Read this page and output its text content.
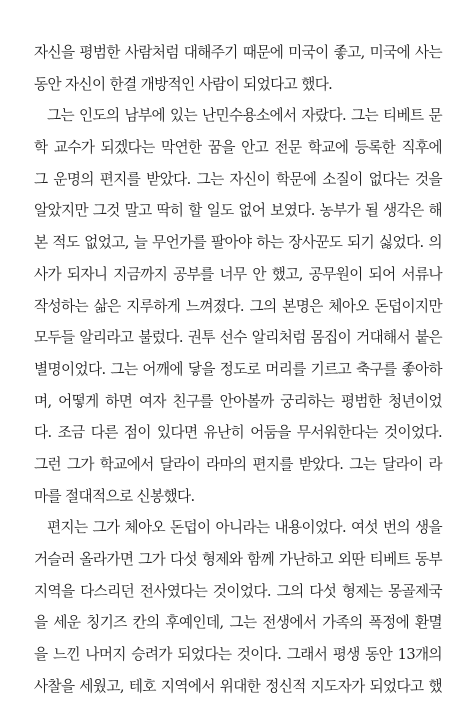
자신을 평범한 사람처럼 대해주기 때문에 미국이 좋고, 미국에 사는
동안 자신이 한결 개방적인 사람이 되었다고 했다.
그는 인도의 남부에 있는 난민수용소에서 자랐다. 그는 티베트 문
학 교수가 되겠다는 막연한 꿈을 안고 전문 학교에 등록한 직후에
그 운명의 편지를 받았다. 그는 자신이 학문에 소질이 없다는 것을
알았지만 그것 말고 딱히 할 일도 없어 보였다. 농부가 될 생각은 해
본 적도 없었고, 늘 무언가를 팔아야 하는 장사꾼도 되기 싫었다. 의
사가 되자니 지금까지 공부를 너무 안 했고, 공무원이 되어 서류나
작성하는 삶은 지루하게 느껴졌다. 그의 본명은 체아오 돈덥이지만
모두들 알리라고 불렀다. 권투 선수 알리처럼 몸집이 거대해서 붙은
별명이었다. 그는 어깨에 닿을 정도로 머리를 기르고 축구를 좋아하
며, 어떻게 하면 여자 친구를 안아볼까 궁리하는 평범한 청년이었
다. 조금 다른 점이 있다면 유난히 어둠을 무서워한다는 것이었다.
그런 그가 학교에서 달라이 라마의 편지를 받았다. 그는 달라이 라
마를 절대적으로 신봉했다.
편지는 그가 체아오 돈덥이 아니라는 내용이었다. 여섯 번의 생을
거슬러 올라가면 그가 다섯 형제와 함께 가난하고 외딴 티베트 동부
지역을 다스리던 전사였다는 것이었다. 그의 다섯 형제는 몽골제국
을 세운 칭기즈 칸의 후예인데, 그는 전생에서 가족의 폭정에 환멸
을 느낀 나머지 승려가 되었다는 것이다. 그래서 평생 동안 13개의
사찰을 세웠고, 테호 지역에서 위대한 정신적 지도자가 되었다고 했
